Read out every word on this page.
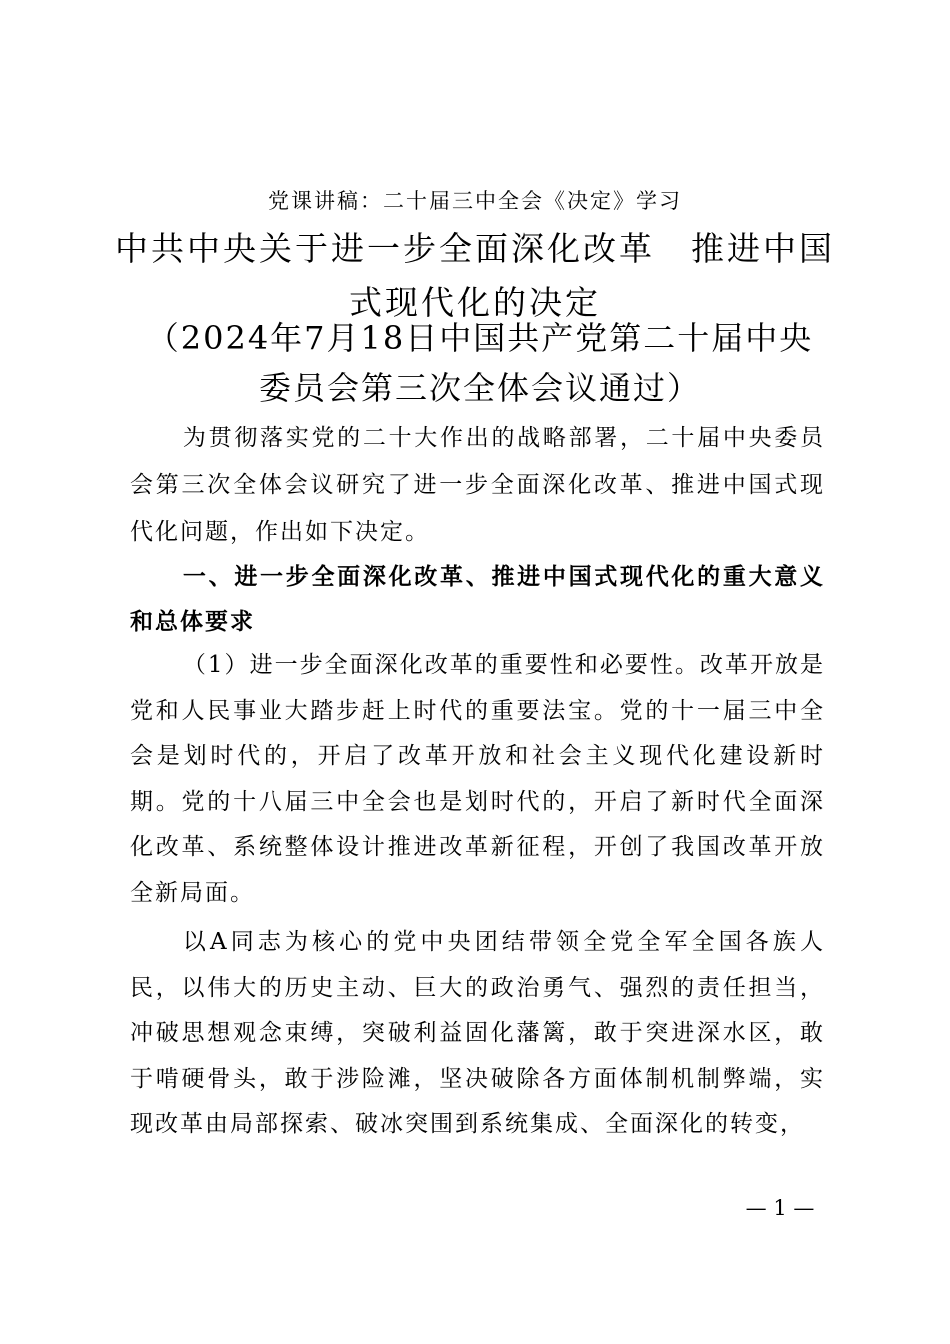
党课讲稿：二十届三中全会《决定》学习
中共中央关于进一步全面深化改革　推进中国式现代化的决定
（2024年7月18日中国共产党第二十届中央委员会第三次全体会议通过）

为贯彻落实党的二十大作出的战略部署，二十届中央委员会第三次全体会议研究了进一步全面深化改革、推进中国式现代化问题，作出如下决定。

一、进一步全面深化改革、推进中国式现代化的重大意义和总体要求

（1）进一步全面深化改革的重要性和必要性。改革开放是党和人民事业大踏步赶上时代的重要法宝。党的十一届三中全会是划时代的，开启了改革开放和社会主义现代化建设新时期。党的十八届三中全会也是划时代的，开启了新时代全面深化改革、系统整体设计推进改革新征程，开创了我国改革开放全新局面。

以A同志为核心的党中央团结带领全党全军全国各族人民，以伟大的历史主动、巨大的政治勇气、强烈的责任担当，冲破思想观念束缚，突破利益固化藩篱，敢于突进深水区，敢于啃硬骨头，敢于涉险滩，坚决破除各方面体制机制弊端，实现改革由局部探索、破冰突围到系统集成、全面深化的转变，

— 1 —
